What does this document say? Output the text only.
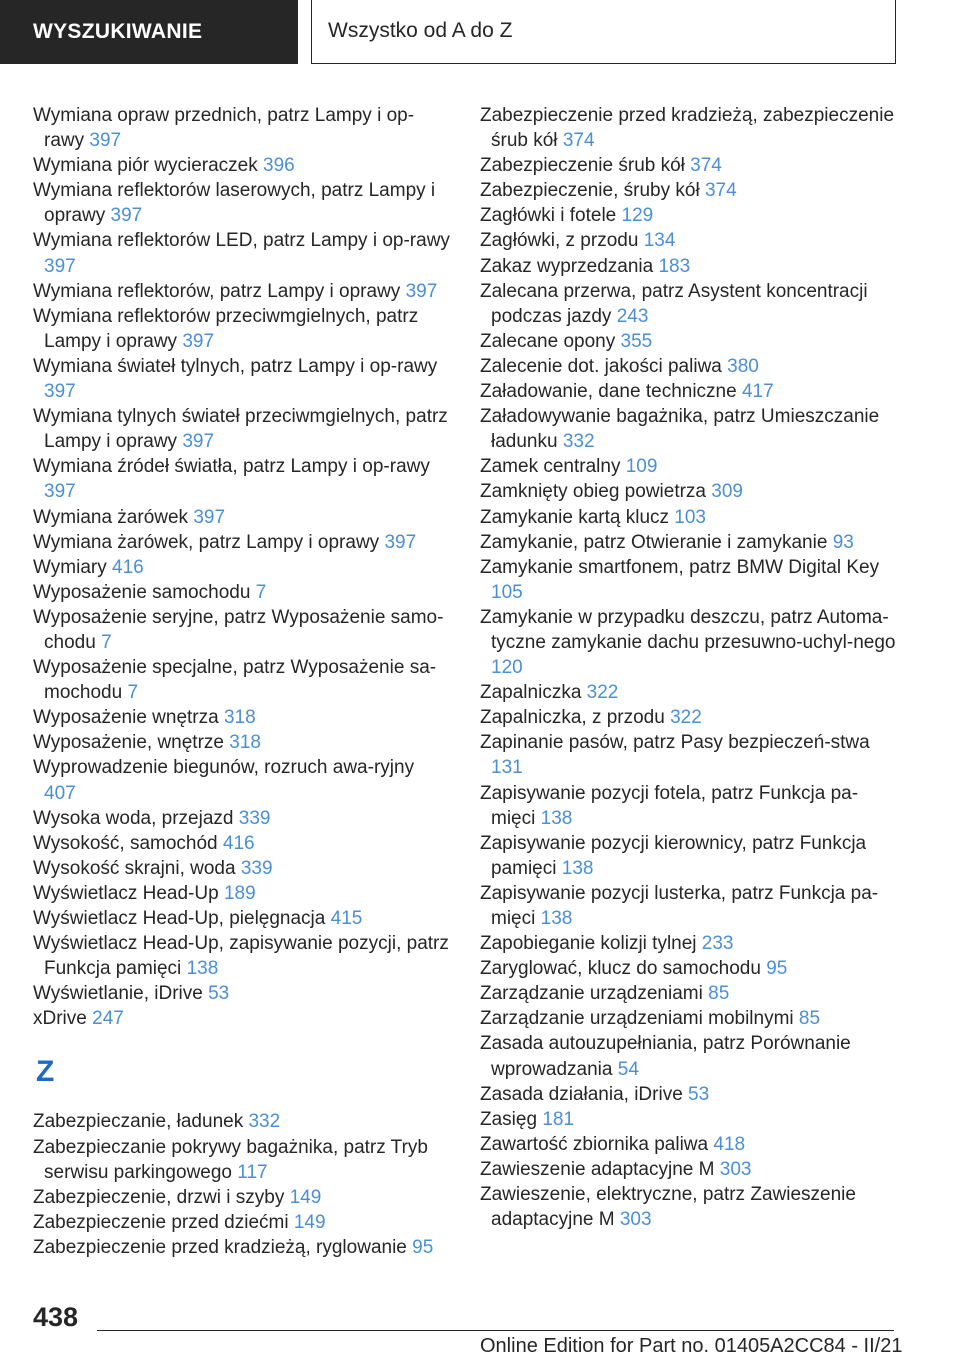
WYSZUKIWANIE	Wszystko od A do Z
Wymiana opraw przednich, patrz Lampy i op-rawy 397
Wymiana piór wycieraczek 396
Wymiana reflektorów laserowych, patrz Lampy i oprawy 397
Wymiana reflektorów LED, patrz Lampy i op-rawy 397
Wymiana reflektorów, patrz Lampy i oprawy 397
Wymiana reflektorów przeciwmgielnych, patrz Lampy i oprawy 397
Wymiana świateł tylnych, patrz Lampy i op-rawy 397
Wymiana tylnych świateł przeciwmgielnych, patrz Lampy i oprawy 397
Wymiana źródeł światła, patrz Lampy i op-rawy 397
Wymiana żarówek 397
Wymiana żarówek, patrz Lampy i oprawy 397
Wymiary 416
Wyposażenie samochodu 7
Wyposażenie seryjne, patrz Wyposażenie samo-chodu 7
Wyposażenie specjalne, patrz Wyposażenie sa-mochodu 7
Wyposażenie wnętrza 318
Wyposażenie, wnętrze 318
Wyprowadzenie biegunów, rozruch awa-ryjny 407
Wysoka woda, przejazd 339
Wysokość, samochód 416
Wysokość skrajni, woda 339
Wyświetlacz Head-Up 189
Wyświetlacz Head-Up, pielęgnacja 415
Wyświetlacz Head-Up, zapisywanie pozycji, patrz Funkcja pamięci 138
Wyświetlanie, iDrive 53
xDrive 247
Z
Zabezpieczanie, ładunek 332
Zabezpieczanie pokrywy bagażnika, patrz Tryb serwisu parkingowego 117
Zabezpieczenie, drzwi i szyby 149
Zabezpieczenie przed dziećmi 149
Zabezpieczenie przed kradzieżą, ryglowanie 95
Zabezpieczenie przed kradzieżą, zabezpieczenie śrub kół 374
Zabezpieczenie śrub kół 374
Zabezpieczenie, śruby kół 374
Zagłówki i fotele 129
Zagłówki, z przodu 134
Zakaz wyprzedzania 183
Zalecana przerwa, patrz Asystent koncentracji podczas jazdy 243
Zalecane opony 355
Zalecenie dot. jakości paliwa 380
Załadowanie, dane techniczne 417
Załadowywanie bagażnika, patrz Umieszczanie ładunku 332
Zamek centralny 109
Zamknięty obieg powietrza 309
Zamykanie kartą klucz 103
Zamykanie, patrz Otwieranie i zamykanie 93
Zamykanie smartfonem, patrz BMW Digital Key 105
Zamykanie w przypadku deszczu, patrz Automa-tyczne zamykanie dachu przesuwno-uchyl-nego 120
Zapalniczka 322
Zapalniczka, z przodu 322
Zapinanie pasów, patrz Pasy bezpieczeń-stwa 131
Zapisywanie pozycji fotela, patrz Funkcja pa-mięci 138
Zapisywanie pozycji kierownicy, patrz Funkcja pamięci 138
Zapisywanie pozycji lusterka, patrz Funkcja pa-mięci 138
Zapobieganie kolizji tylnej 233
Zaryglować, klucz do samochodu 95
Zarządzanie urządzeniami 85
Zarządzanie urządzeniami mobilnymi 85
Zasada autouzupełniania, patrz Porównanie wprowadzania 54
Zasada działania, iDrive 53
Zasięg 181
Zawartość zbiornika paliwa 418
Zawieszenie adaptacyjne M 303
Zawieszenie, elektryczne, patrz Zawieszenie adaptacyjne M 303
438
Online Edition for Part no. 01405A2CC84 - II/21
